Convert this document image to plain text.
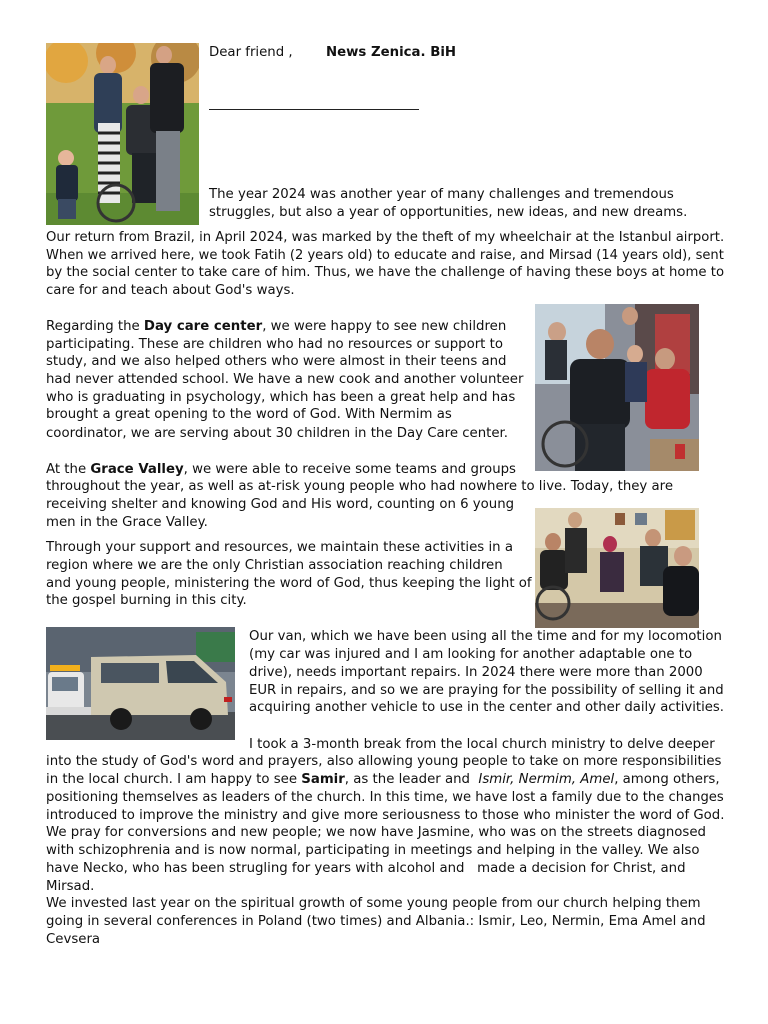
Dear friend ,	News Zenica. BiH
The year 2024 was another year of many challenges and tremendous
struggles, but also a year of opportunities, new ideas, and new dreams.
Our return from Brazil, in April 2024, was marked by the theft of my wheelchair at the Istanbul airport.
When we arrived here, we took Fatih (2 years old) to educate and raise, and Mirsad (14 years old), sent
by the social center to take care of him. Thus, we have the challenge of having these boys at home to
care for and teach about God's ways.
Regarding the Day care center, we were happy to see new children
participating. These are children who had no resources or support to
study, and we also helped others who were almost in their teens and
had never attended school. We have a new cook and another volunteer
who is graduating in psychology, which has been a great help and has
brought a great opening to the word of God. With Nermim as
coordinator, we are serving about 30 children in the Day Care center.
At the Grace Valley, we were able to receive some teams and groups
throughout the year, as well as at-risk young people who had nowhere to live. Today, they are
receiving shelter and knowing God and His word, counting on 6 young
men in the Grace Valley.
Through your support and resources, we maintain these activities in a
region where we are the only Christian association reaching children
and young people, ministering the word of God, thus keeping the light of
the gospel burning in this city.
Our van, which we have been using all the time and for my locomotion
(my car was injured and I am looking for another adaptable one to
drive), needs important repairs. In 2024 there were more than 2000
EUR in repairs, and so we are praying for the possibility of selling it and
acquiring another vehicle to use in the center and other daily activities.
I took a 3-month break from the local church ministry to delve deeper
into the study of God's word and prayers, also allowing young people to take on more responsibilities
in the local church. I am happy to see Samir, as the leader and  Ismir, Nermim, Amel, among others,
positioning themselves as leaders of the church. In this time, we have lost a family due to the changes
introduced to improve the ministry and give more seriousness to those who minister the word of God.
We pray for conversions and new people; we now have Jasmine, who was on the streets diagnosed
with schizophrenia and is now normal, participating in meetings and helping in the valley. We also
have Necko, who has been strugling for years with alcohol and   made a decision for Christ, and
Mirsad.
We invested last year on the spiritual growth of some young people from our church helping them
going in several conferences in Poland (two times) and Albania.: Ismir, Leo, Nermin, Ema Amel and
Cevsera
